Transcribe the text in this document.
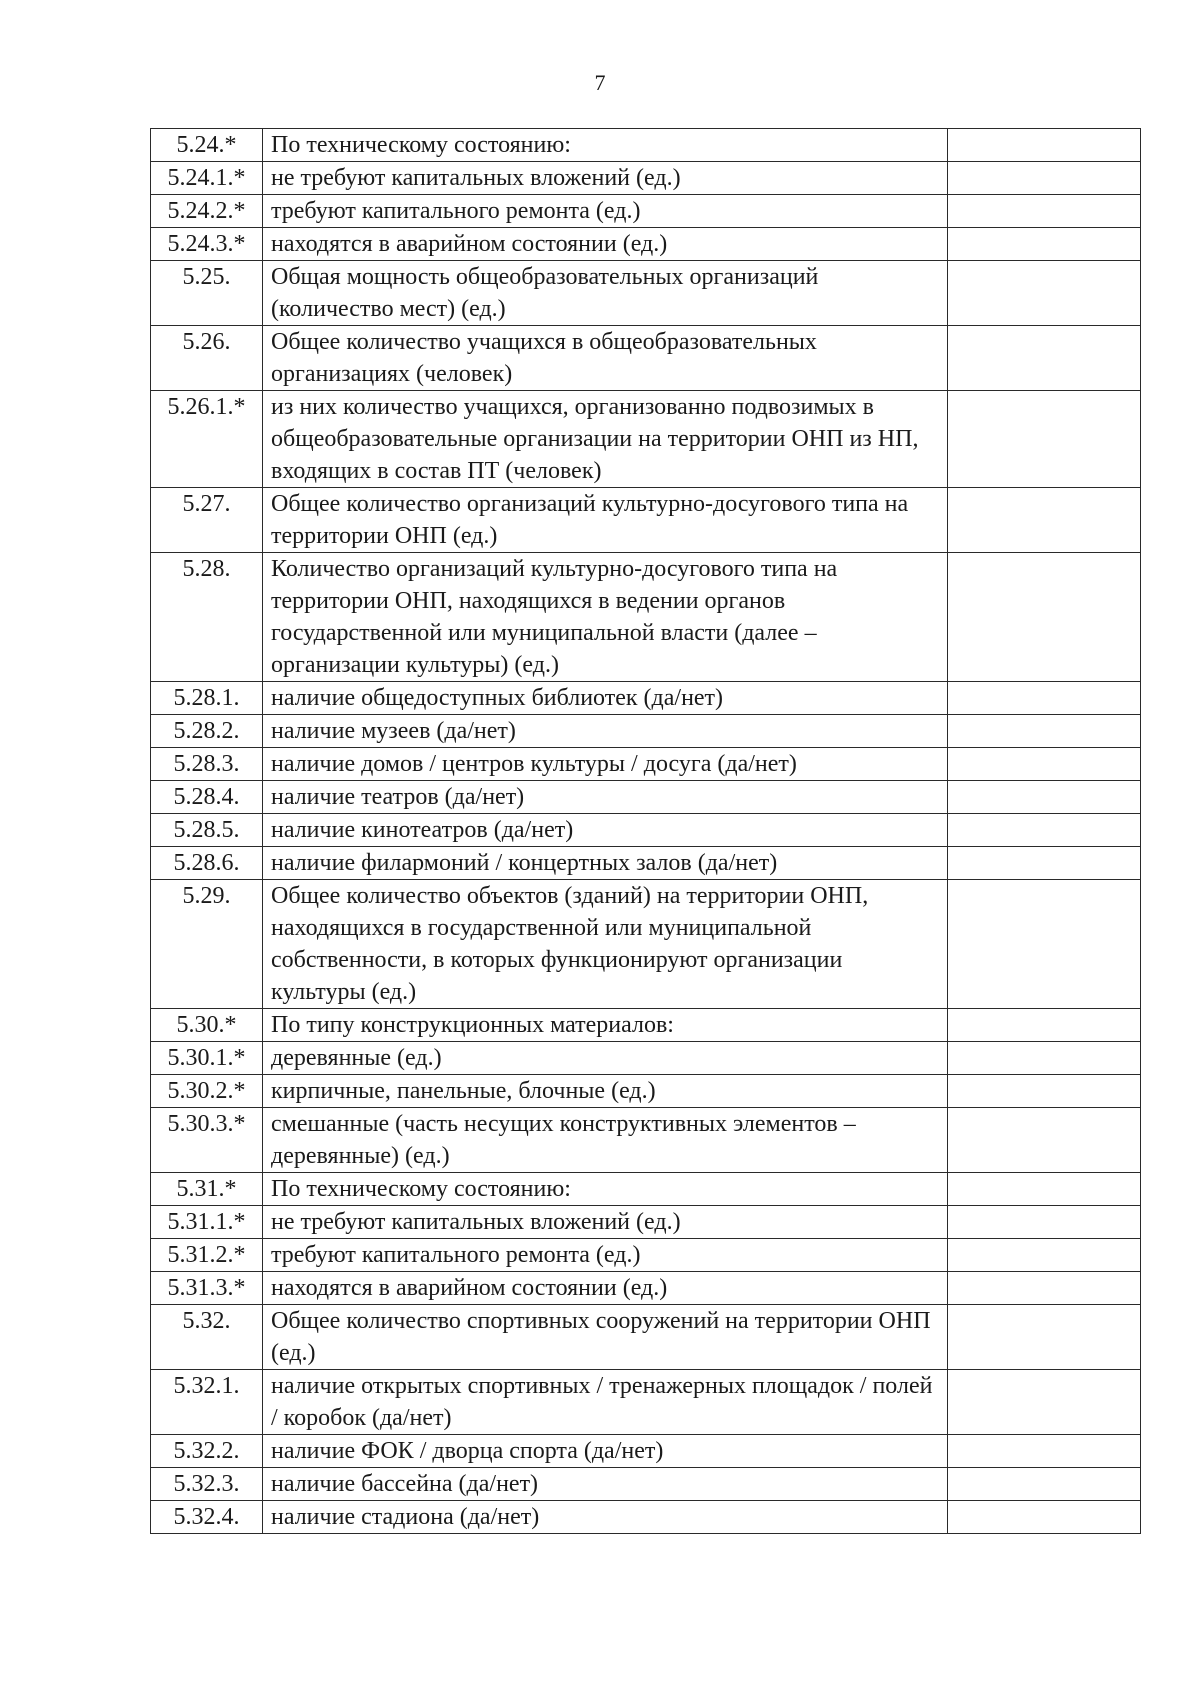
7
5.24.*	По техническому состоянию:	
5.24.1.*	не требуют капитальных вложений (ед.)	
5.24.2.*	требуют капитального ремонта (ед.)	
5.24.3.*	находятся в аварийном состоянии (ед.)	
5.25.	Общая мощность общеобразовательных организаций (количество мест) (ед.)	
5.26.	Общее количество учащихся в общеобразовательных организациях (человек)	
5.26.1.*	из них количество учащихся, организованно подвозимых в общеобразовательные организации на территории ОНП из НП, входящих в состав ПТ (человек)	
5.27.	Общее количество организаций культурно-досугового типа на территории ОНП (ед.)	
5.28.	Количество организаций культурно-досугового типа на территории ОНП, находящихся в ведении органов государственной или муниципальной власти (далее – организации культуры) (ед.)	
5.28.1.	наличие общедоступных библиотек (да/нет)	
5.28.2.	наличие музеев (да/нет)	
5.28.3.	наличие домов / центров культуры / досуга (да/нет)	
5.28.4.	наличие театров (да/нет)	
5.28.5.	наличие кинотеатров (да/нет)	
5.28.6.	наличие филармоний / концертных залов (да/нет)	
5.29.	Общее количество объектов (зданий) на территории ОНП, находящихся в государственной или муниципальной собственности, в которых функционируют организации культуры (ед.)	
5.30.*	По типу конструкционных материалов:	
5.30.1.*	деревянные (ед.)	
5.30.2.*	кирпичные, панельные, блочные (ед.)	
5.30.3.*	смешанные (часть несущих конструктивных элементов – деревянные) (ед.)	
5.31.*	По техническому состоянию:	
5.31.1.*	не требуют капитальных вложений (ед.)	
5.31.2.*	требуют капитального ремонта (ед.)	
5.31.3.*	находятся в аварийном состоянии (ед.)	
5.32.	Общее количество спортивных сооружений на территории ОНП (ед.)	
5.32.1.	наличие открытых спортивных / тренажерных площадок / полей / коробок (да/нет)	
5.32.2.	наличие ФОК / дворца спорта (да/нет)	
5.32.3.	наличие бассейна (да/нет)	
5.32.4.	наличие стадиона (да/нет)	
